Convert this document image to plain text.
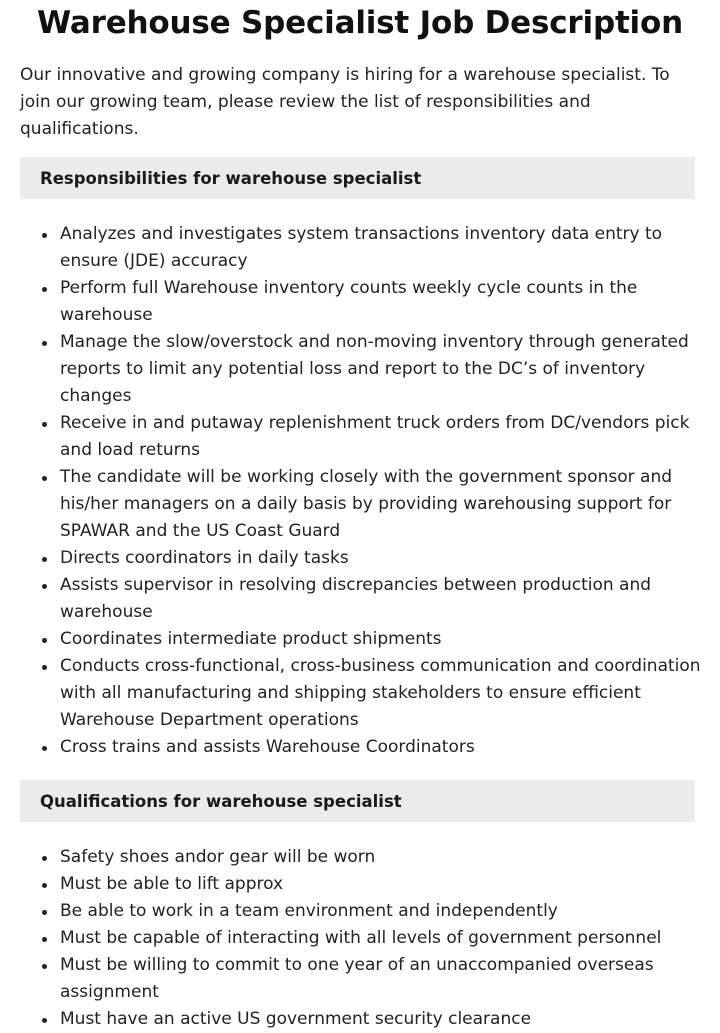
Warehouse Specialist Job Description

Our innovative and growing company is hiring for a warehouse specialist. To join our growing team, please review the list of responsibilities and qualifications.

Responsibilities for warehouse specialist
Analyzes and investigates system transactions inventory data entry to ensure (JDE) accuracy
Perform full Warehouse inventory counts weekly cycle counts in the warehouse
Manage the slow/overstock and non-moving inventory through generated reports to limit any potential loss and report to the DC’s of inventory changes
Receive in and putaway replenishment truck orders from DC/vendors pick and load returns
The candidate will be working closely with the government sponsor and his/her managers on a daily basis by providing warehousing support for SPAWAR and the US Coast Guard
Directs coordinators in daily tasks
Assists supervisor in resolving discrepancies between production and warehouse
Coordinates intermediate product shipments
Conducts cross-functional, cross-business communication and coordination with all manufacturing and shipping stakeholders to ensure efficient Warehouse Department operations
Cross trains and assists Warehouse Coordinators
Qualifications for warehouse specialist
Safety shoes andor gear will be worn
Must be able to lift approx
Be able to work in a team environment and independently
Must be capable of interacting with all levels of government personnel
Must be willing to commit to one year of an unaccompanied overseas assignment
Must have an active US government security clearance
